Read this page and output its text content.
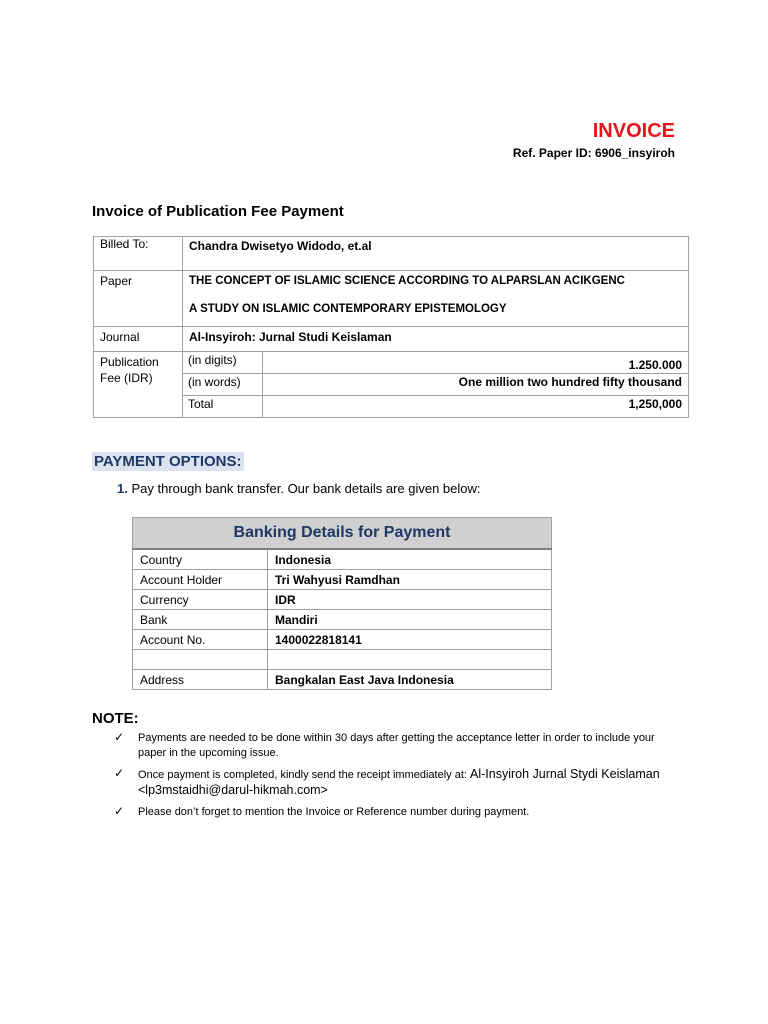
INVOICE
Ref. Paper ID: 6906_insyiroh
Invoice of Publication Fee Payment
Billed To:	Chandra Dwisetyo Widodo, et.al	
Paper	THE CONCEPT OF ISLAMIC SCIENCE ACCORDING TO ALPARSLAN ACIKGENC
A STUDY ON ISLAMIC CONTEMPORARY EPISTEMOLOGY	

Journal	Al-Insyiroh: Jurnal Studi Keislaman	

Publication
Fee (IDR)	(in digits)	1.250.000
	(in words)	One million two hundred fifty thousand
	Total	1,250,000
PAYMENT OPTIONS:
1. Pay through bank transfer. Our bank details are given below:
Banking Details for Payment	
Country	Indonesia
Account Holder	Tri Wahyusi Ramdhan
Currency	IDR
Bank	Mandiri
Account No.	1400022818141

Address	Bangkalan East Java Indonesia
NOTE:
✓ Payments are needed to be done within 30 days after getting the acceptance letter in order to include your paper in the upcoming issue.
✓ Once payment is completed, kindly send the receipt immediately at: Al-Insyiroh Jurnal Stydi Keislaman <lp3mstaidhi@darul-hikmah.com>
✓ Please don’t forget to mention the Invoice or Reference number during payment.
